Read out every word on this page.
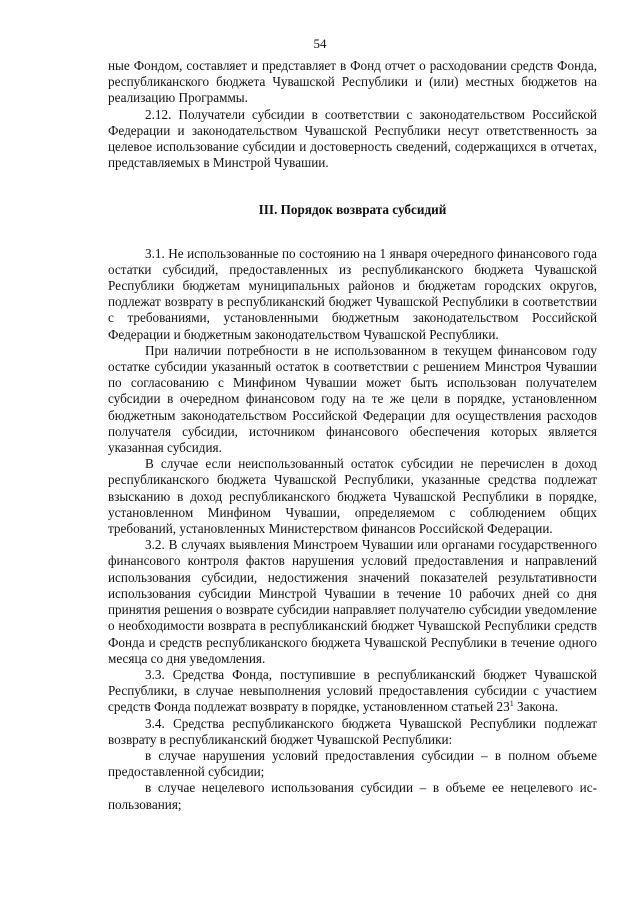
54

ные Фондом, составляет и представляет в Фонд отчет о расходовании средств Фонда, республиканского бюджета Чувашской Республики и (или) местных бюджетов на реализацию Программы.

2.12. Получатели субсидии в соответствии с законодательством Российской Федерации и законодательством Чувашской Республики несут ответственность за целевое использование субсидии и достоверность сведений, содержащихся в отчетах, представляемых в Минстрой Чувашии.

III. Порядок возврата субсидий

3.1. Не использованные по состоянию на 1 января очередного финансового года остатки субсидий, предоставленных из республиканского бюджета Чувашской Республики бюджетам муниципальных районов и бюджетам городских округов, подлежат возврату в республиканский бюджет Чувашской Республики в соответствии с требованиями, установленными бюджетным законодательством Российской Федерации и бюджетным законодательством Чувашской Республики.

При наличии потребности в не использованном в текущем финансовом году остатке субсидии указанный остаток в соответствии с решением Минстроя Чувашии по согласованию с Минфином Чувашии может быть использован получателем субсидии в очередном финансовом году на те же цели в порядке, установленном бюджетным законодательством Российской Федерации для осуществления расходов получателя субсидии, источником финансового обеспечения которых является указанная субсидия.

В случае если неиспользованный остаток субсидии не перечислен в доход республиканского бюджета Чувашской Республики, указанные средства подлежат взысканию в доход республиканского бюджета Чувашской Республики в порядке, установленном Минфином Чувашии, определяемом с соблюдением общих требований, установленных Министерством финансов Российской Федерации.

3.2. В случаях выявления Минстроем Чувашии или органами государственного финансового контроля фактов нарушения условий предоставления и направлений использования субсидии, недостижения значений показателей результативности использования субсидии Минстрой Чувашии в течение 10 рабочих дней со дня принятия решения о возврате субсидии направляет получателю субсидии уведомление о необходимости возврата в республиканский бюджет Чувашской Республики средств Фонда и средств республиканского бюджета Чувашской Республики в течение одного месяца со дня уведомления.

3.3. Средства Фонда, поступившие в республиканский бюджет Чувашской Республики, в случае невыполнения условий предоставления субсидии с участием средств Фонда подлежат возврату в порядке, установленном статьей $23^1$ Закона.

3.4. Средства республиканского бюджета Чувашской Республики подлежат возврату в республиканский бюджет Чувашской Республики:

в случае нарушения условий предоставления субсидии – в полном объеме предоставленной субсидии;

в случае нецелевого использования субсидии – в объеме ее нецелевого использования;
